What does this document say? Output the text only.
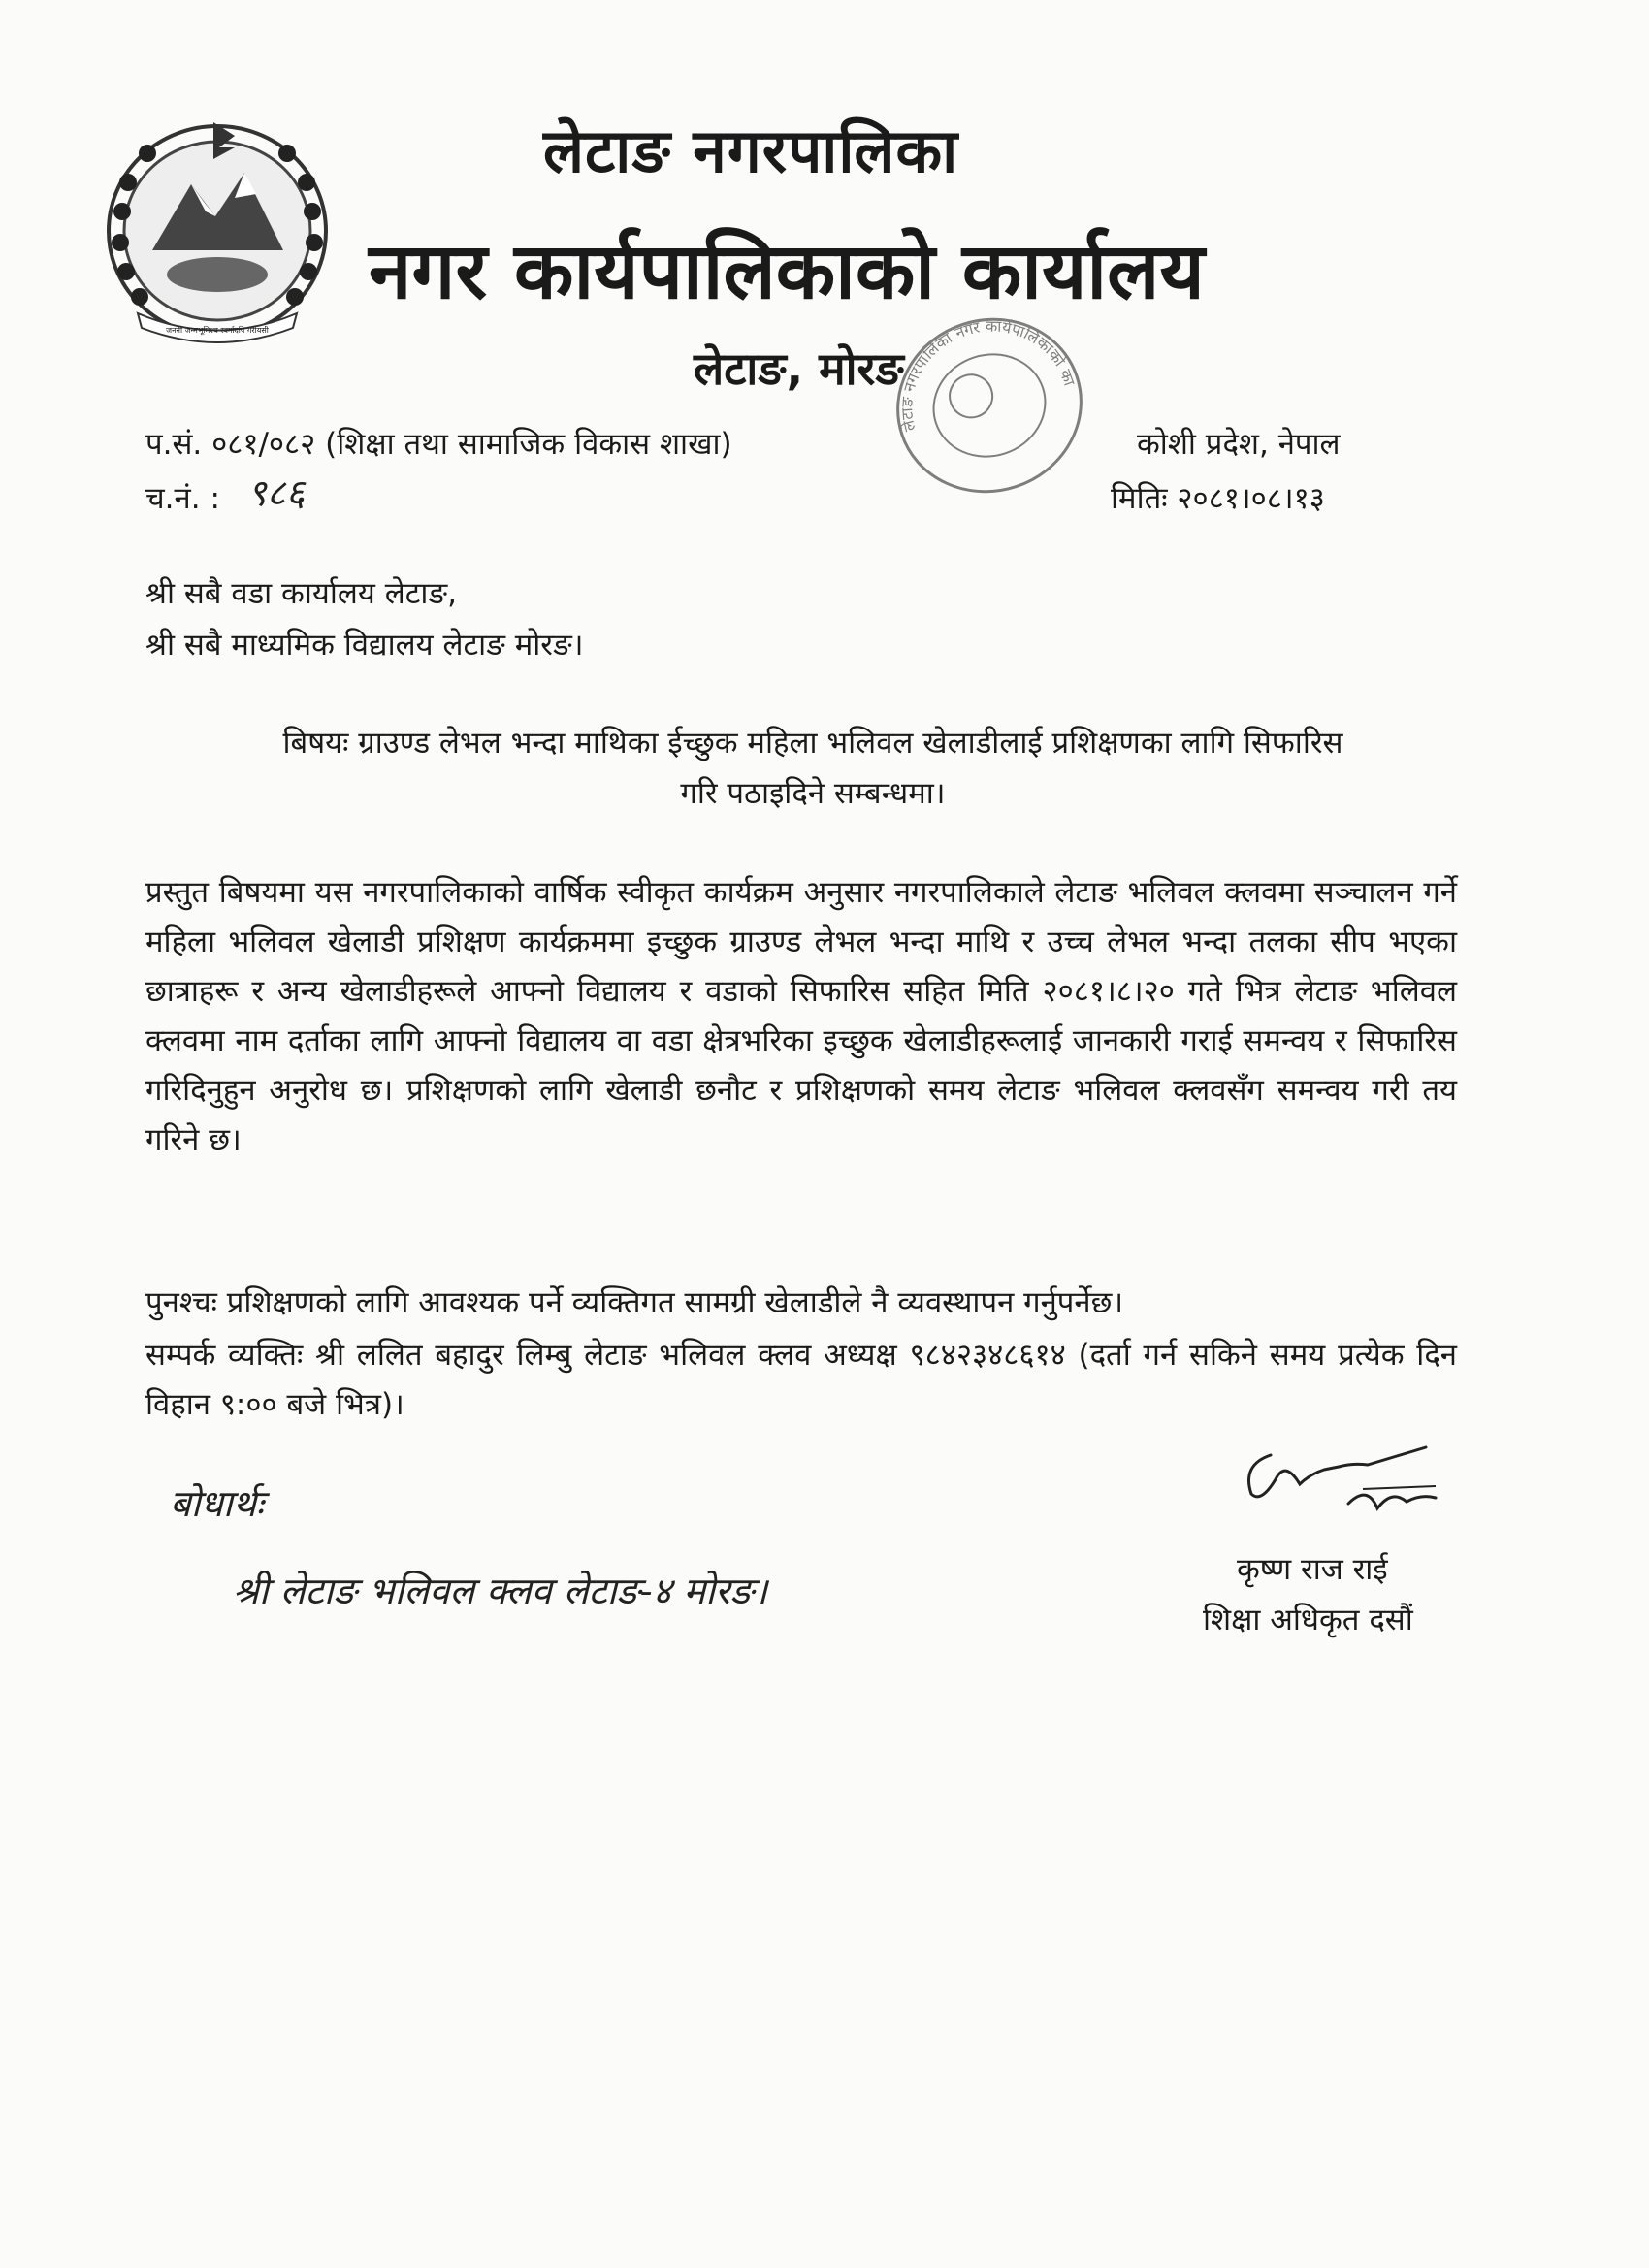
जननी जन्मभूमिश्च स्वर्गादपि गरीयसी
लेटाङ नगरपालिका
नगर कार्यपालिकाको कार्यालय
लेटाङ, मोरङ
लेटाङ नगरपालिका नगर कार्यपालिकाको कार्यालय
प.सं. ०८१/०८२ (शिक्षा तथा सामाजिक विकास शाखा)
च.नं. : ९८६
कोशी प्रदेश, नेपाल
मितिः २०८१।०८।१३
श्री सबै वडा कार्यालय लेटाङ,
श्री सबै माध्यमिक विद्यालय लेटाङ मोरङ।
बिषयः ग्राउण्ड लेभल भन्दा माथिका ईच्छुक महिला भलिवल खेलाडीलाई प्रशिक्षणका लागि सिफारिस
गरि पठाइदिने सम्बन्धमा।
प्रस्तुत बिषयमा यस नगरपालिकाको वार्षिक स्वीकृत कार्यक्रम अनुसार नगरपालिकाले लेटाङ भलिवल क्लवमा सञ्चालन गर्ने महिला भलिवल खेलाडी प्रशिक्षण कार्यक्रममा इच्छुक ग्राउण्ड लेभल भन्दा माथि र उच्च लेभल भन्दा तलका सीप भएका छात्राहरू र अन्य खेलाडीहरूले आफ्नो विद्यालय र वडाको सिफारिस सहित मिति २०८१।८।२० गते भित्र लेटाङ भलिवल क्लवमा नाम दर्ताका लागि आफ्नो विद्यालय वा वडा क्षेत्रभरिका इच्छुक खेलाडीहरूलाई जानकारी गराई समन्वय र सिफारिस गरिदिनुहुन अनुरोध छ। प्रशिक्षणको लागि खेलाडी छनौट र प्रशिक्षणको समय लेटाङ भलिवल क्लवसँग समन्वय गरी तय गरिने छ।
पुनश्चः प्रशिक्षणको लागि आवश्यक पर्ने व्यक्तिगत सामग्री खेलाडीले नै व्यवस्थापन गर्नुपर्नेछ।
सम्पर्क व्यक्तिः श्री ललित बहादुर लिम्बु लेटाङ भलिवल क्लव अध्यक्ष ९८४२३४८६१४ (दर्ता गर्न सकिने समय प्रत्येक दिन विहान ९:०० बजे भित्र)।
कृष्ण राज राई
शिक्षा अधिकृत दसौं
बोधार्थः
श्री लेटाङ भलिवल क्लव लेटाङ-४ मोरङ।
